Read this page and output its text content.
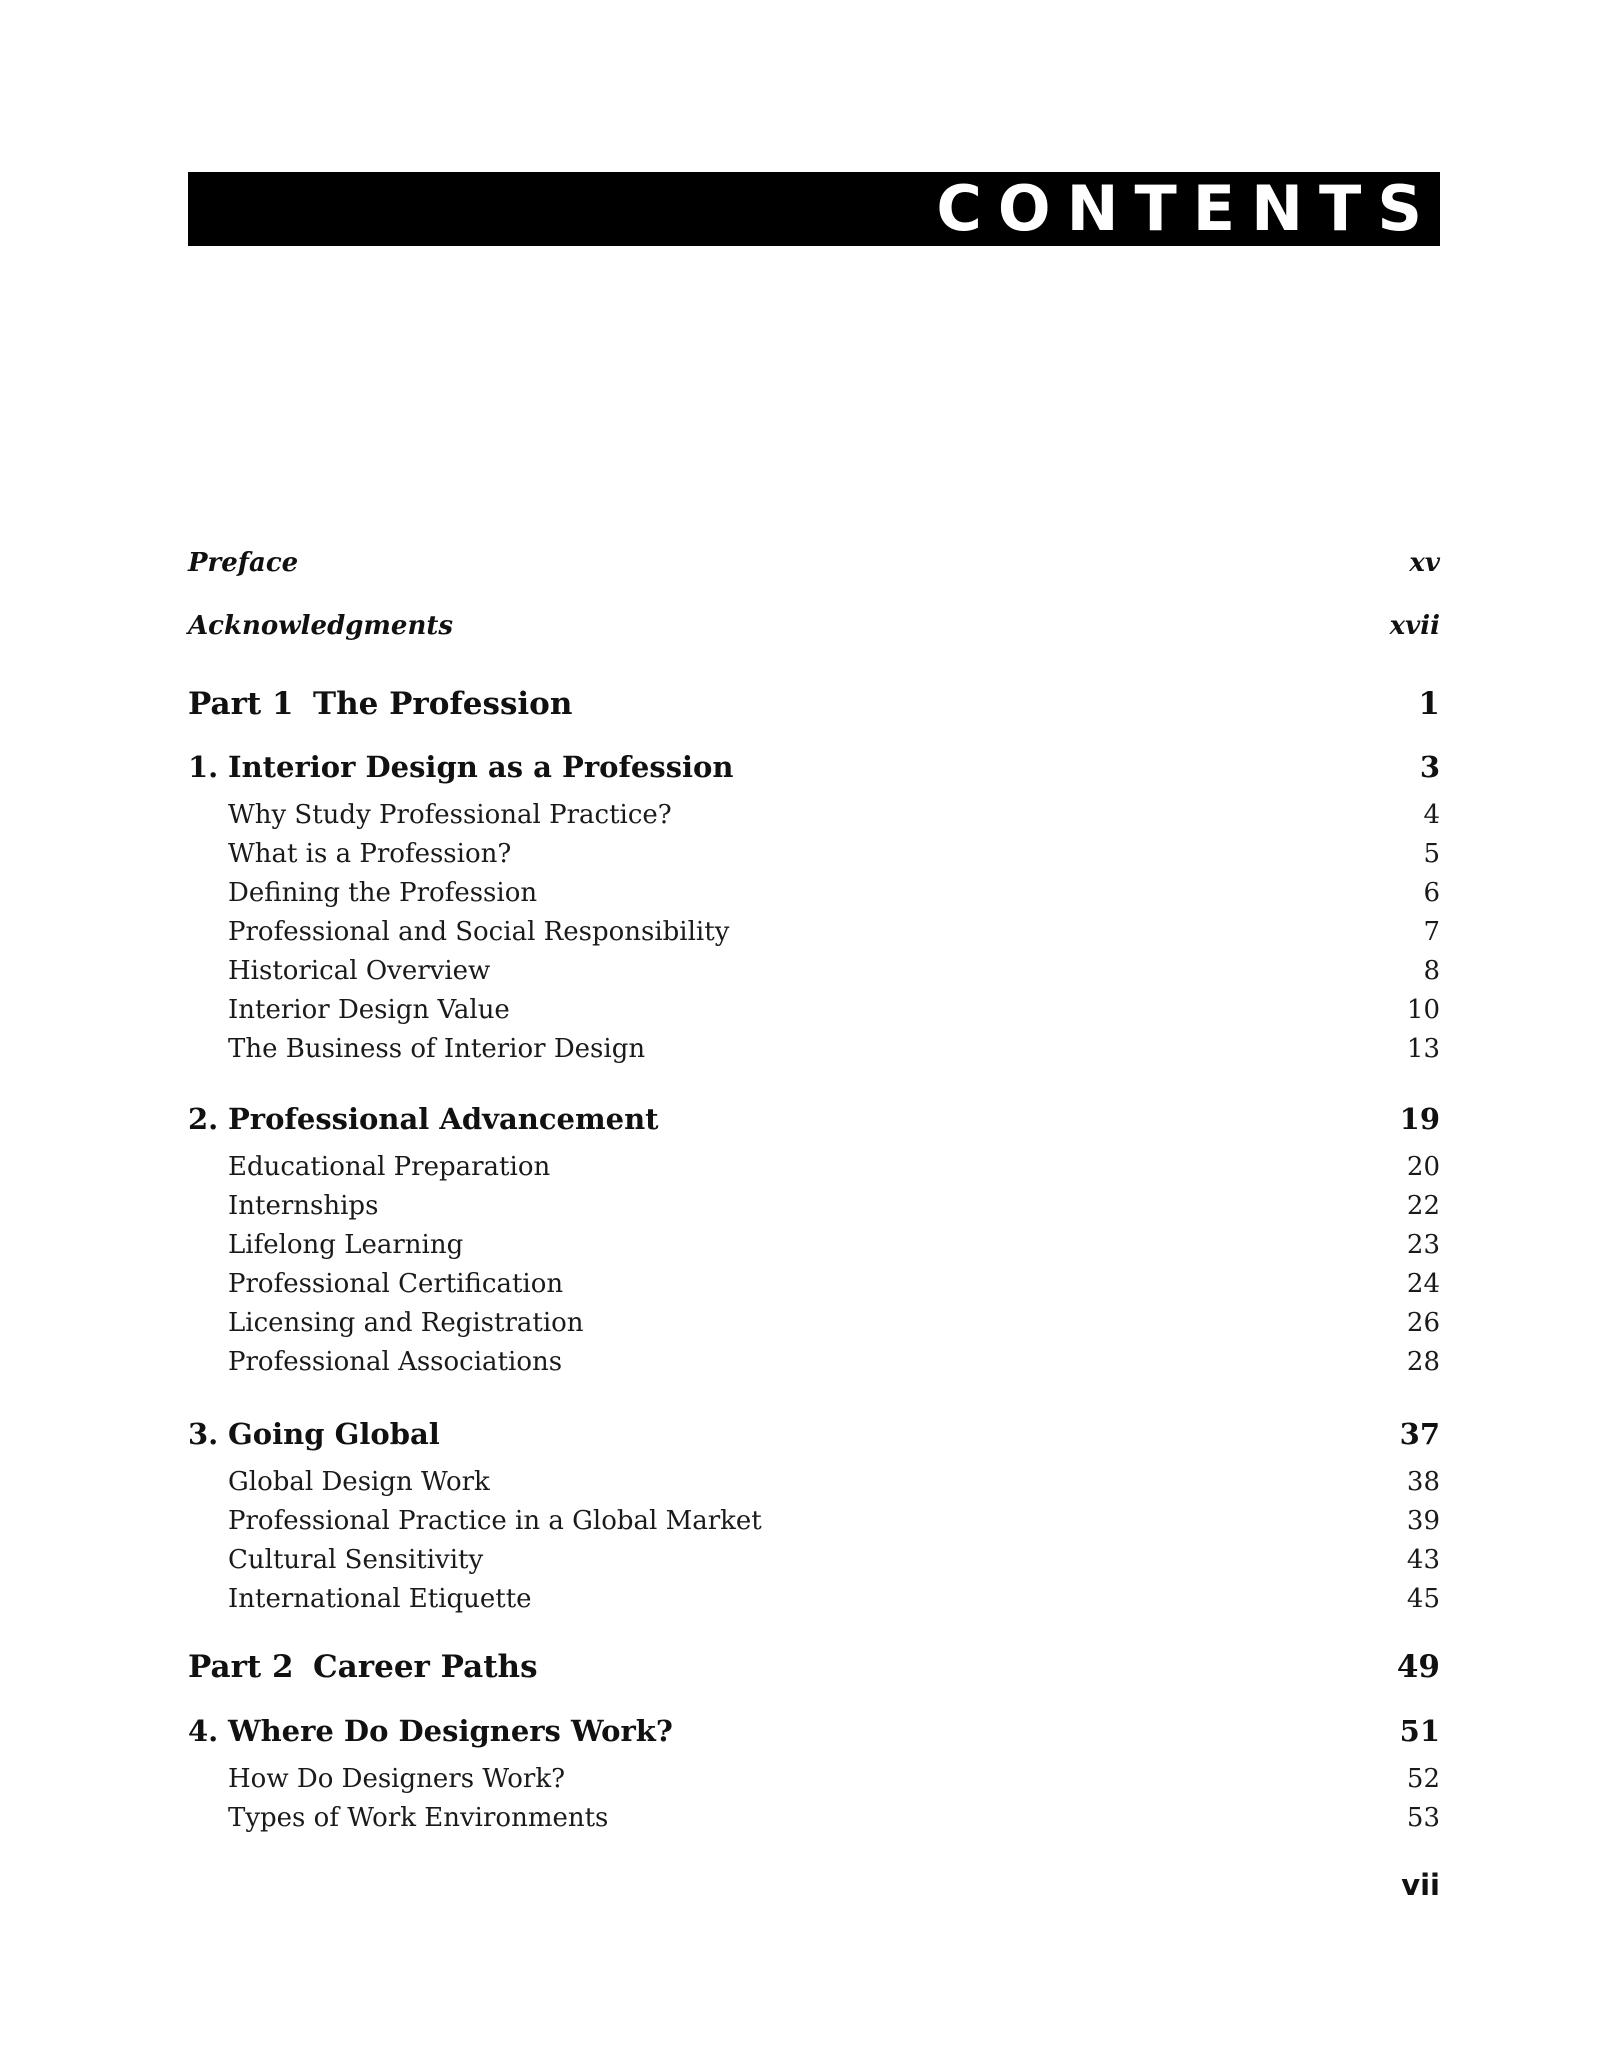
CONTENTS
Preface	xv
Acknowledgments	xvii
Part 1 The Profession	1
1. Interior Design as a Profession	3
Why Study Professional Practice?	4
What is a Profession?	5
Defining the Profession	6
Professional and Social Responsibility	7
Historical Overview	8
Interior Design Value	10
The Business of Interior Design	13
2. Professional Advancement	19
Educational Preparation	20
Internships	22
Lifelong Learning	23
Professional Certification	24
Licensing and Registration	26
Professional Associations	28
3. Going Global	37
Global Design Work	38
Professional Practice in a Global Market	39
Cultural Sensitivity	43
International Etiquette	45
Part 2 Career Paths	49
4. Where Do Designers Work?	51
How Do Designers Work?	52
Types of Work Environments	53
vii
